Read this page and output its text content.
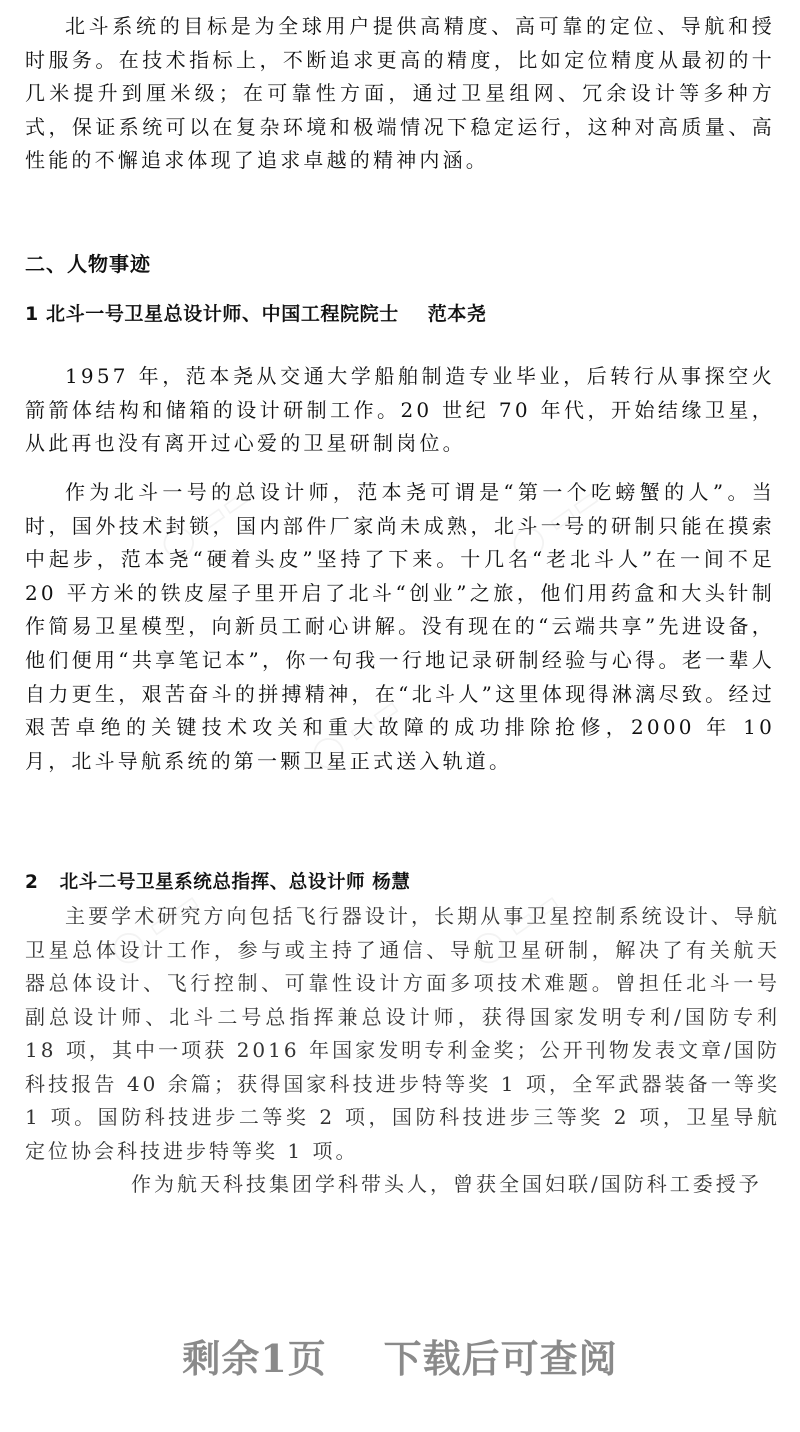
北斗系统的目标是为全球用户提供高精度、高可靠的定位、导航和授时服务。在技术指标上，不断追求更高的精度，比如定位精度从最初的十几米提升到厘米级；在可靠性方面，通过卫星组网、冗余设计等多种方式，保证系统可以在复杂环境和极端情况下稳定运行，这种对高质量、高性能的不懈追求体现了追求卓越的精神内涵。

二、人物事迹
1 北斗一号卫星总设计师、中国工程院院士    范本尧

1957 年，范本尧从交通大学船舶制造专业毕业，后转行从事探空火箭箭体结构和储箱的设计研制工作。20 世纪 70 年代，开始结缘卫星，从此再也没有离开过心爱的卫星研制岗位。

作为北斗一号的总设计师，范本尧可谓是“第一个吃螃蟹的人”。当时，国外技术封锁，国内部件厂家尚未成熟，北斗一号的研制只能在摸索中起步，范本尧“硬着头皮”坚持了下来。十几名“老北斗人”在一间不足 20 平方米的铁皮屋子里开启了北斗“创业”之旅，他们用药盒和大头针制作简易卫星模型，向新员工耐心讲解。没有现在的“云端共享”先进设备，他们便用“共享笔记本”，你一句我一行地记录研制经验与心得。老一辈人自力更生，艰苦奋斗的拼搏精神，在“北斗人”这里体现得淋漓尽致。经过艰苦卓绝的关键技术攻关和重大故障的成功排除抢修，2000 年 10 月，北斗导航系统的第一颗卫星正式送入轨道。

2   北斗二号卫星系统总指挥、总设计师 杨慧

主要学术研究方向包括飞行器设计，长期从事卫星控制系统设计、导航卫星总体设计工作，参与或主持了通信、导航卫星研制，解决了有关航天器总体设计、飞行控制、可靠性设计方面多项技术难题。曾担任北斗一号副总设计师、北斗二号总指挥兼总设计师，获得国家发明专利/国防专利 18 项，其中一项获 2016 年国家发明专利金奖；公开刊物发表文章/国防科技报告 40 余篇；获得国家科技进步特等奖 1 项，全军武器装备一等奖 1 项。国防科技进步二等奖 2 项，国防科技进步三等奖 2 项，卫星导航定位协会科技进步特等奖 1 项。

作为航天科技集团学科带头人，曾获全国妇联/国防科工委授予

剩余1页    下载后可查阅
